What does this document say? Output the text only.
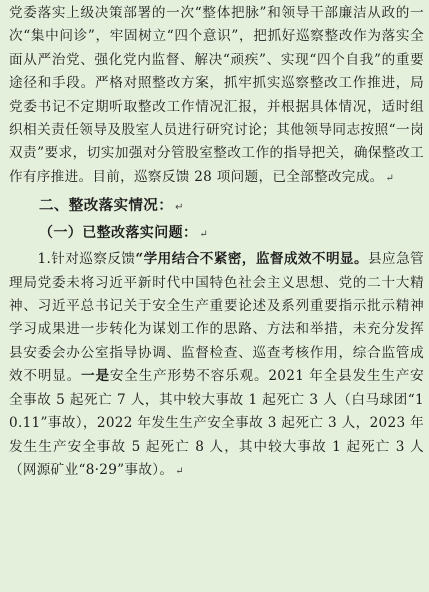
党委落实上级决策部署的一次“整体把脉”和领导干部廉洁从政的一次“集中问诊”，牢固树立“四个意识”，把抓好巡察整改作为落实全面从严治党、强化党内监督、解决“顽疾”、实现“四个自我”的重要途径和手段。严格对照整改方案，抓牢抓实巡察整改工作推进，局党委书记不定期听取整改工作情况汇报，并根据具体情况，适时组织相关责任领导及股室人员进行研究讨论；其他领导同志按照“一岗双责”要求，切实加强对分管股室整改工作的指导把关，确保整改工作有序推进。目前，巡察反馈 28 项问题，已全部整改完成。 ↵

二、整改落实情况： ↵

（一）已整改落实问题： ↵

1.针对巡察反馈“学用结合不紧密，监督成效不明显。县应急管理局党委未将习近平新时代中国特色社会主义思想、党的二十大精神、习近平总书记关于安全生产重要论述及系列重要指示批示精神学习成果进一步转化为谋划工作的思路、方法和举措，未充分发挥县安委会办公室指导协调、监督检查、巡查考核作用，综合监管成效不明显。一是安全生产形势不容乐观。2021 年全县发生生产安全事故 5 起死亡 7 人，其中较大事故 1 起死亡 3 人（白马球团“10.11”事故），2022 年发生生产安全事故 3 起死亡 3 人，2023 年发生生产安全事故 5 起死亡 8 人，其中较大事故 1 起死亡 3 人（网源矿业“8·29”事故）。 ↵
